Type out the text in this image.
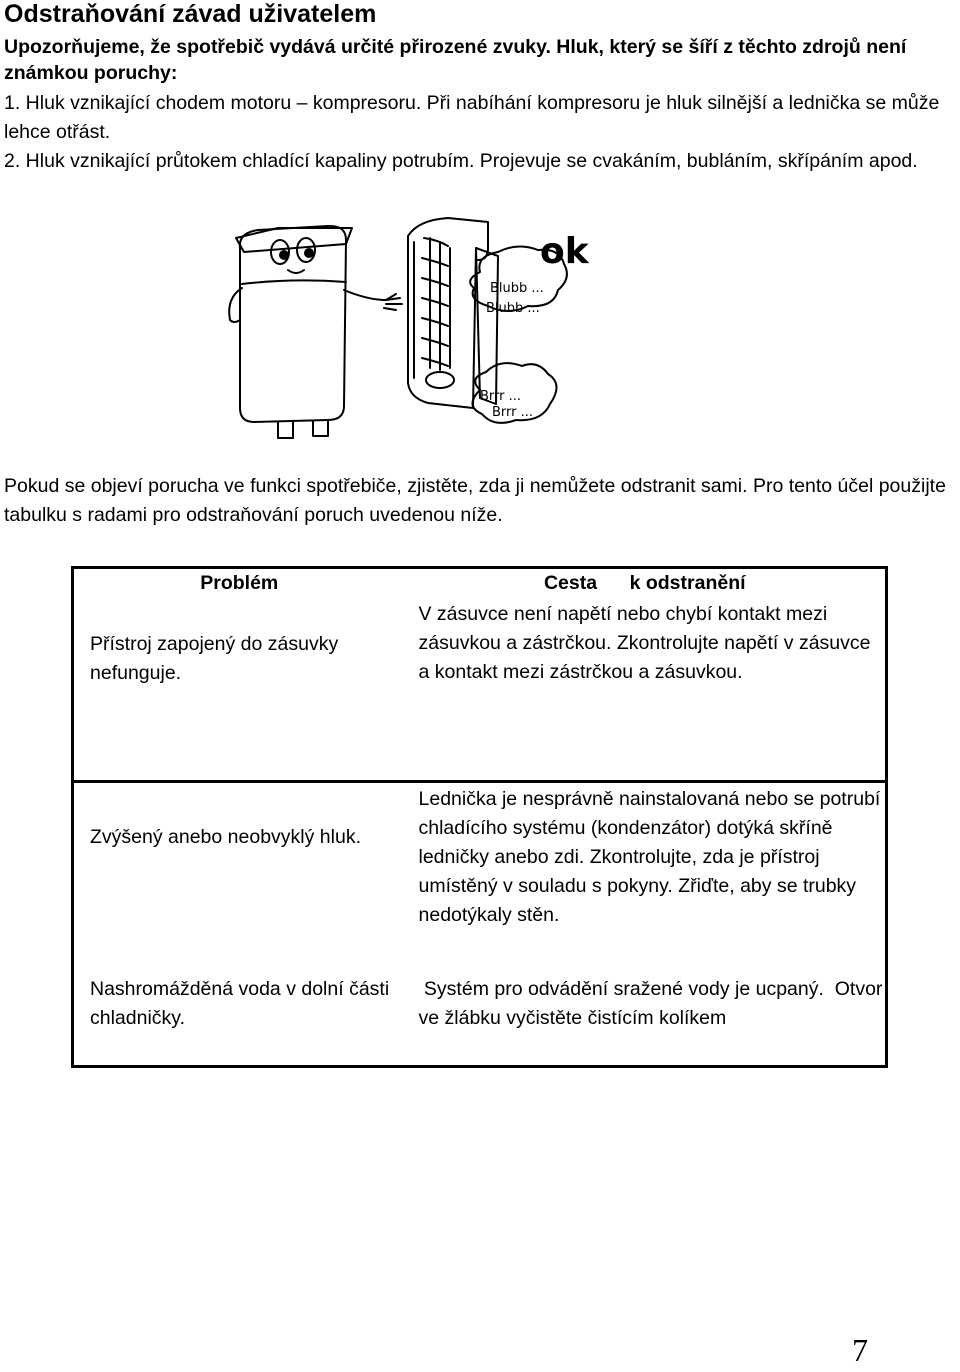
Odstraňování závad uživatelem

Upozorňujeme, že spotřebič vydává určité přirozené zvuky. Hluk, který se šíří z těchto zdrojů není známkou poruchy:

1. Hluk vznikající chodem motoru – kompresoru. Při nabíhání kompresoru je hluk silnější a lednička se může lehce otřást.

2. Hluk vznikající průtokem chladící kapaliny potrubím. Projevuje se cvakáním, bubláním, skřípáním apod.

ok
Blubb ...
Blubb ...
Brrr ...
Brrr ...

Pokud se objeví porucha ve funkci spotřebiče, zjistěte, zda ji nemůžete odstranit sami. Pro tento účel použijte tabulku s radami pro odstraňování poruch uvedenou níže.

Problém	Cesta      k odstranění
Přístroj zapojený do zásuvky nefunguje.	V zásuvce není napětí nebo chybí kontakt mezi zásuvkou a zástrčkou. Zkontrolujte napětí v zásuvce a kontakt mezi zástrčkou a zásuvkou.
Zvýšený anebo neobvyklý hluk.	Lednička je nesprávně nainstalovaná nebo se potrubí chladícího systému (kondenzátor) dotýká skříně ledničky anebo zdi. Zkontrolujte, zda je přístroj umístěný v souladu s pokyny. Zřiďte, aby se trubky nedotýkaly stěn.
Nashromážděná voda v dolní části chladničky.	Systém pro odvádění sražené vody je ucpaný.  Otvor ve žlábku vyčistěte čistícím kolíkem
7
